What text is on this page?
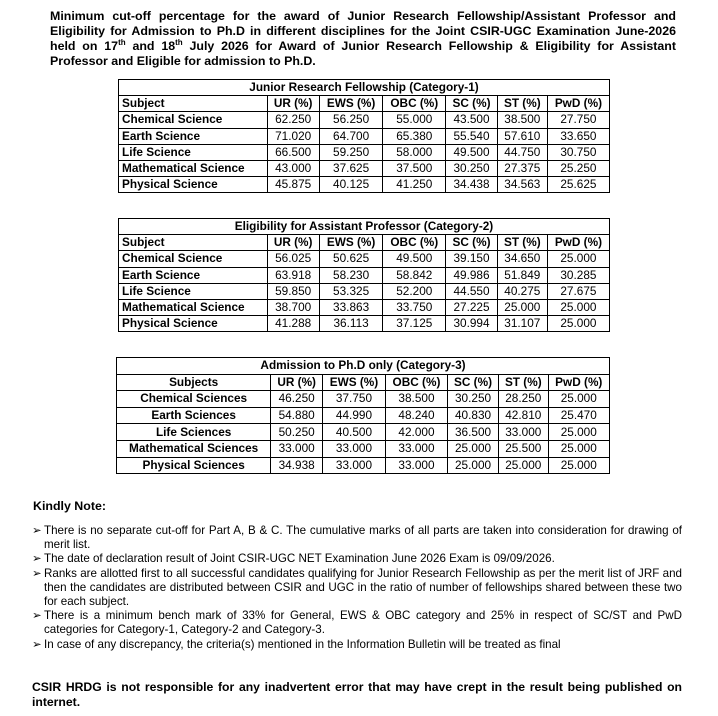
Minimum cut-off percentage for the award of Junior Research Fellowship/Assistant Professor and Eligibility for Admission to Ph.D in different disciplines for the Joint CSIR-UGC Examination June-2026 held on 17th and 18th July 2026 for Award of Junior Research Fellowship & Eligibility for Assistant Professor and Eligible for admission to Ph.D.
Junior Research Fellowship (Category-1)						
Subject	UR (%)	EWS (%)	OBC (%)	SC (%)	ST (%)	PwD (%)
Chemical Science	62.250	56.250	55.000	43.500	38.500	27.750
Earth Science	71.020	64.700	65.380	55.540	57.610	33.650
Life Science	66.500	59.250	58.000	49.500	44.750	30.750
Mathematical Science	43.000	37.625	37.500	30.250	27.375	25.250
Physical Science	45.875	40.125	41.250	34.438	34.563	25.625
Eligibility for Assistant Professor (Category-2)						
Subject	UR (%)	EWS (%)	OBC (%)	SC (%)	ST (%)	PwD (%)
Chemical Science	56.025	50.625	49.500	39.150	34.650	25.000
Earth Science	63.918	58.230	58.842	49.986	51.849	30.285
Life Science	59.850	53.325	52.200	44.550	40.275	27.675
Mathematical Science	38.700	33.863	33.750	27.225	25.000	25.000
Physical Science	41.288	36.113	37.125	30.994	31.107	25.000
Admission to Ph.D only (Category-3)						
Subjects	UR (%)	EWS (%)	OBC (%)	SC (%)	ST (%)	PwD (%)
Chemical Sciences	46.250	37.750	38.500	30.250	28.250	25.000
Earth Sciences	54.880	44.990	48.240	40.830	42.810	25.470
Life Sciences	50.250	40.500	42.000	36.500	33.000	25.000
Mathematical Sciences	33.000	33.000	33.000	25.000	25.500	25.000
Physical Sciences	34.938	33.000	33.000	25.000	25.000	25.000
Kindly Note:
➢ There is no separate cut-off for Part A, B & C. The cumulative marks of all parts are taken into consideration for drawing of merit list.
➢ The date of declaration result of Joint CSIR-UGC NET Examination June 2026 Exam is 09/09/2026.
➢ Ranks are allotted first to all successful candidates qualifying for Junior Research Fellowship as per the merit list of JRF and then the candidates are distributed between CSIR and UGC in the ratio of number of fellowships shared between these two for each subject.
➢ There is a minimum bench mark of 33% for General, EWS & OBC category and 25% in respect of SC/ST and PwD categories for Category-1, Category-2 and Category-3.
➢ In case of any discrepancy, the criteria(s) mentioned in the Information Bulletin will be treated as final
CSIR HRDG is not responsible for any inadvertent error that may have crept in the result being published on internet.
